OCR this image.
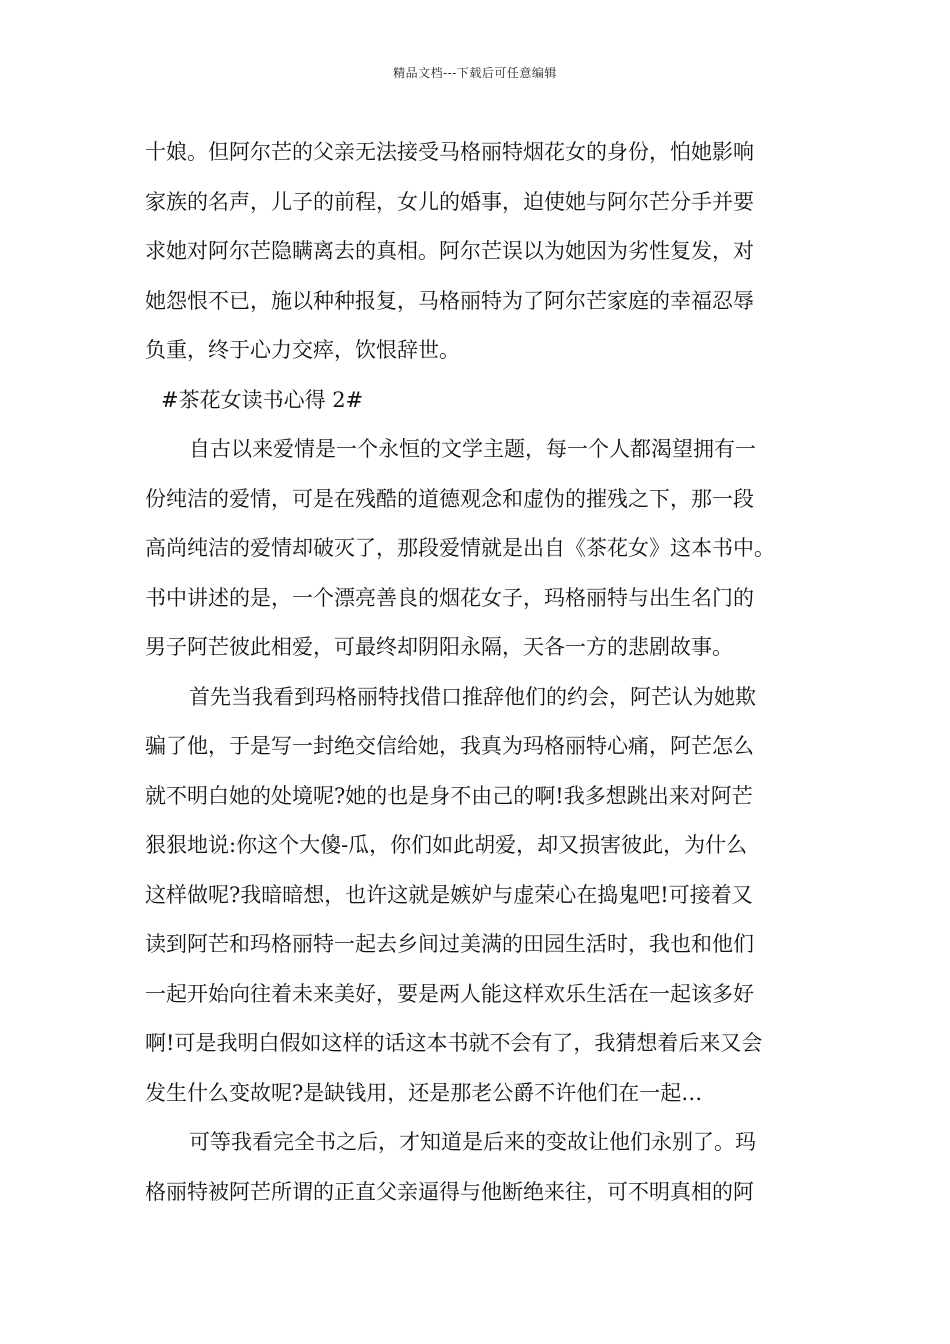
精品文档---下载后可任意编辑
十娘。但阿尔芒的父亲无法接受马格丽特烟花女的身份，怕她影响
家族的名声，儿子的前程，女儿的婚事，迫使她与阿尔芒分手并要
求她对阿尔芒隐瞒离去的真相。阿尔芒误以为她因为劣性复发，对
她怨恨不已，施以种种报复，马格丽特为了阿尔芒家庭的幸福忍辱
负重，终于心力交瘁，饮恨辞世。
#茶花女读书心得 2#
自古以来爱情是一个永恒的文学主题，每一个人都渴望拥有一
份纯洁的爱情，可是在残酷的道德观念和虚伪的摧残之下，那一段
高尚纯洁的爱情却破灭了，那段爱情就是出自《茶花女》这本书中。
书中讲述的是，一个漂亮善良的烟花女子，玛格丽特与出生名门的
男子阿芒彼此相爱，可最终却阴阳永隔，天各一方的悲剧故事。
首先当我看到玛格丽特找借口推辞他们的约会，阿芒认为她欺
骗了他，于是写一封绝交信给她，我真为玛格丽特心痛，阿芒怎么
就不明白她的处境呢?她的也是身不由己的啊!我多想跳出来对阿芒
狠狠地说:你这个大傻-瓜，你们如此胡爱，却又损害彼此，为什么
这样做呢?我暗暗想，也许这就是嫉妒与虚荣心在捣鬼吧!可接着又
读到阿芒和玛格丽特一起去乡间过美满的田园生活时，我也和他们
一起开始向往着未来美好，要是两人能这样欢乐生活在一起该多好
啊!可是我明白假如这样的话这本书就不会有了，我猜想着后来又会
发生什么变故呢?是缺钱用，还是那老公爵不许他们在一起…
可等我看完全书之后，才知道是后来的变故让他们永别了。玛
格丽特被阿芒所谓的正直父亲逼得与他断绝来往，可不明真相的阿
